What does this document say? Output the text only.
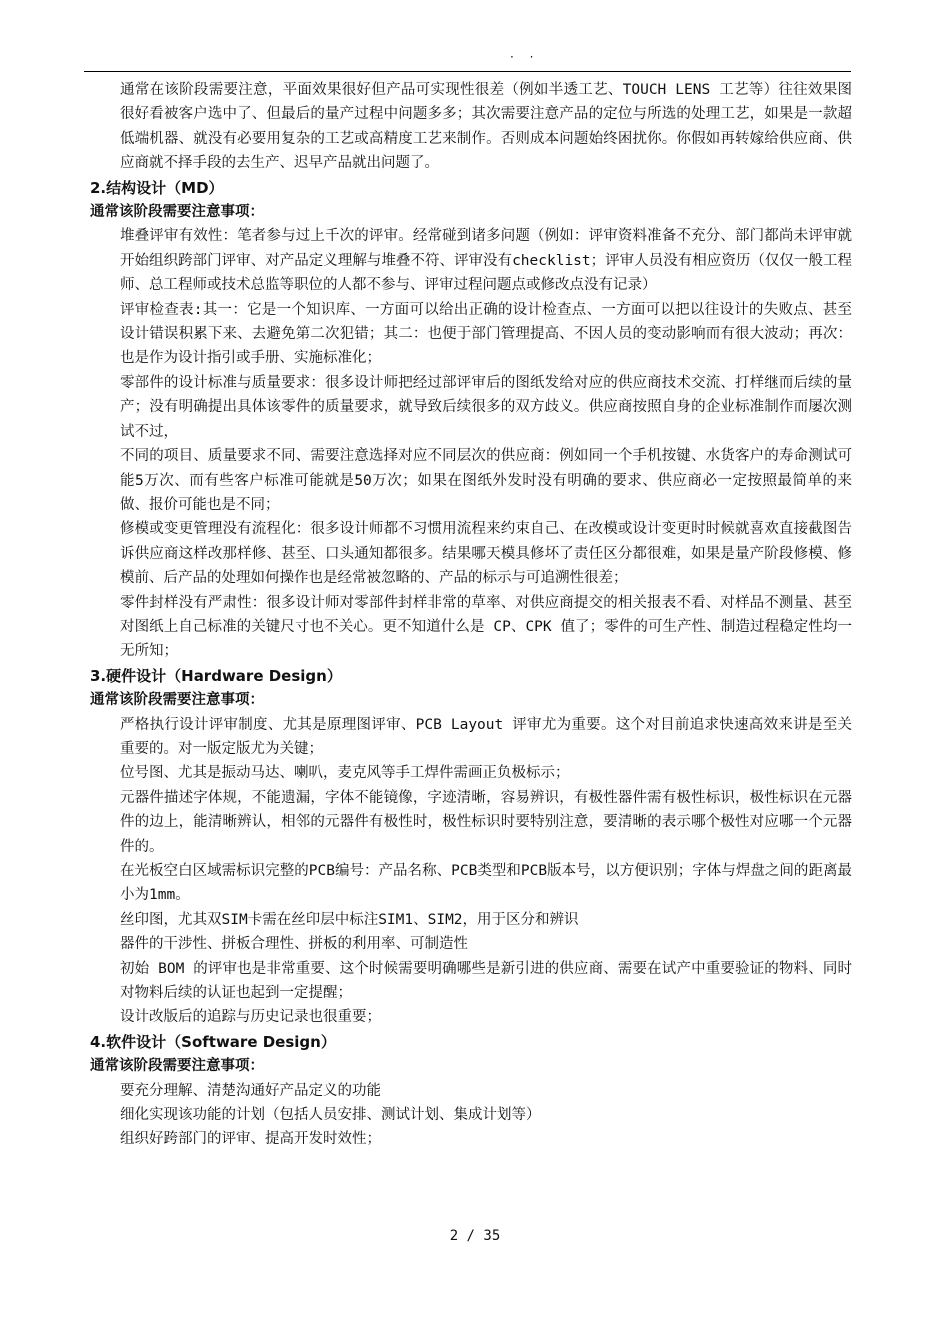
· ·

通常在该阶段需要注意，平面效果很好但产品可实现性很差（例如半透工艺、TOUCH LENS 工艺等）往往效果图很好看被客户选中了、但最后的量产过程中问题多多；其次需要注意产品的定位与所选的处理工艺，如果是一款超低端机器、就没有必要用复杂的工艺或高精度工艺来制作。否则成本问题始终困扰你。你假如再转嫁给供应商、供应商就不择手段的去生产、迟早产品就出问题了。

2.结构设计（MD）

通常该阶段需要注意事项：

堆叠评审有效性：笔者参与过上千次的评审。经常碰到诸多问题（例如：评审资料准备不充分、部门都尚未评审就开始组织跨部门评审、对产品定义理解与堆叠不符、评审没有checklist；评审人员没有相应资历（仅仅一般工程师、总工程师或技术总监等职位的人都不参与、评审过程问题点或修改点没有记录）

评审检查表:其一：它是一个知识库、一方面可以给出正确的设计检查点、一方面可以把以往设计的失败点、甚至设计错误积累下来、去避免第二次犯错；其二：也便于部门管理提高、不因人员的变动影响而有很大波动；再次：也是作为设计指引或手册、实施标准化；

零部件的设计标准与质量要求：很多设计师把经过部评审后的图纸发给对应的供应商技术交流、打样继而后续的量产；没有明确提出具体该零件的质量要求，就导致后续很多的双方歧义。供应商按照自身的企业标准制作而屡次测试不过，

不同的项目、质量要求不同、需要注意选择对应不同层次的供应商：例如同一个手机按键、水货客户的寿命测试可能5万次、而有些客户标准可能就是50万次；如果在图纸外发时没有明确的要求、供应商必一定按照最简单的来做、报价可能也是不同；

修模或变更管理没有流程化：很多设计师都不习惯用流程来约束自己、在改模或设计变更时时候就喜欢直接截图告诉供应商这样改那样修、甚至、口头通知都很多。结果哪天模具修坏了责任区分都很难，如果是量产阶段修模、修模前、后产品的处理如何操作也是经常被忽略的、产品的标示与可追溯性很差；

零件封样没有严肃性：很多设计师对零部件封样非常的草率、对供应商提交的相关报表不看、对样品不测量、甚至对图纸上自己标准的关键尺寸也不关心。更不知道什么是 CP、CPK 值了；零件的可生产性、制造过程稳定性均一无所知；

3.硬件设计（Hardware Design）

通常该阶段需要注意事项：

严格执行设计评审制度、尤其是原理图评审、PCB Layout 评审尤为重要。这个对目前追求快速高效来讲是至关重要的。对一版定版尤为关键；

位号图、尤其是振动马达、喇叭，麦克风等手工焊件需画正负极标示；

元器件描述字体规，不能遗漏，字体不能镜像，字迹清晰，容易辨识，有极性器件需有极性标识，极性标识在元器件的边上，能清晰辨认，相邻的元器件有极性时，极性标识时要特别注意，要清晰的表示哪个极性对应哪一个元器件的。

在光板空白区域需标识完整的PCB编号：产品名称、PCB类型和PCB版本号，以方便识别；字体与焊盘之间的距离最小为1mm。

丝印图，尤其双SIM卡需在丝印层中标注SIM1、SIM2，用于区分和辨识

器件的干涉性、拼板合理性、拼板的利用率、可制造性

初始 BOM 的评审也是非常重要、这个时候需要明确哪些是新引进的供应商、需要在试产中重要验证的物料、同时对物料后续的认证也起到一定提醒；

设计改版后的追踪与历史记录也很重要；

4.软件设计（Software Design）

通常该阶段需要注意事项：

要充分理解、清楚沟通好产品定义的功能

细化实现该功能的计划（包括人员安排、测试计划、集成计划等）

组织好跨部门的评审、提高开发时效性；

2 / 35
